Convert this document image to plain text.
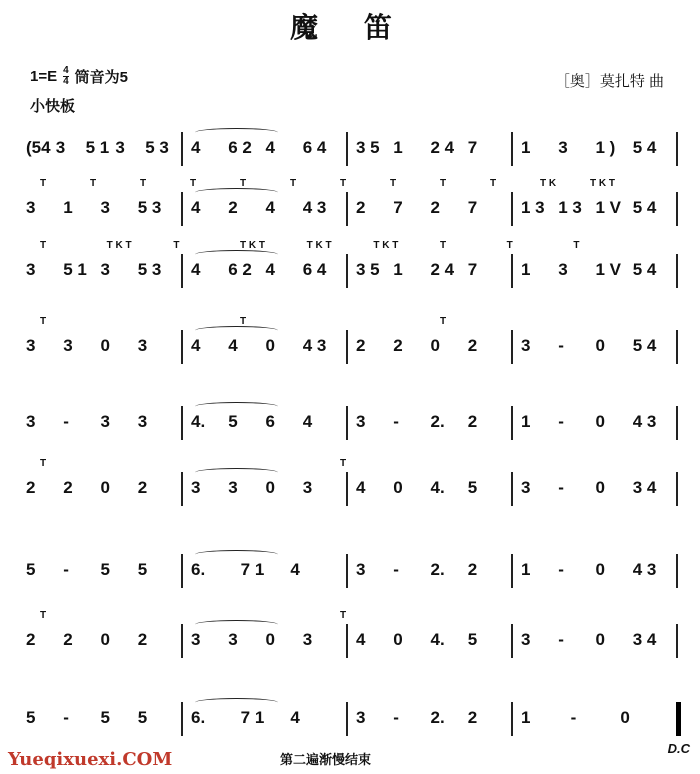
魔 笛
$1=E \frac{4}{4}$ 筒音为5	［奥］莫扎特 曲
小快板
(54 3 5 1 3 5 3 4 6 2 4 6 4 3 5 1 2 4 7	1 3 1 ) 5 4
T	T	T	T	T	T	T	T	T	T	T K	T K T
3 1 3 5 3 4 2 4 4 3 2 7 2 7	1 3 1 3 1 V 5 4
T	T K T	T	T K T	T K T	T K T	T	T	T
3 5 1 3 5 3 4 6 2 4 6 4 3 5 1 2 4 7	1 3 1 V 5 4
T	T	T
3 3 0 3	4 4 0 4 3 2 2 0 2	3 - 0 5 4
3 - 3 3	4. 5 6 4	3 - 2. 2	1 - 0 4 3
T	T
2 2 0 2	3 3 0 3	4 0 4. 5	3 - 0 3 4
5 - 5 5	6. 7 1 4	3 - 2. 2	1 - 0 4 3
T	T
2 2 0 2	3 3 0 3	4 0 4. 5	3 - 0 3 4
5 - 5 5	6. 7 1 4	3 - 2. 2	1 -	0
Yueqixuexi.COM	第二遍渐慢结束
D.C
